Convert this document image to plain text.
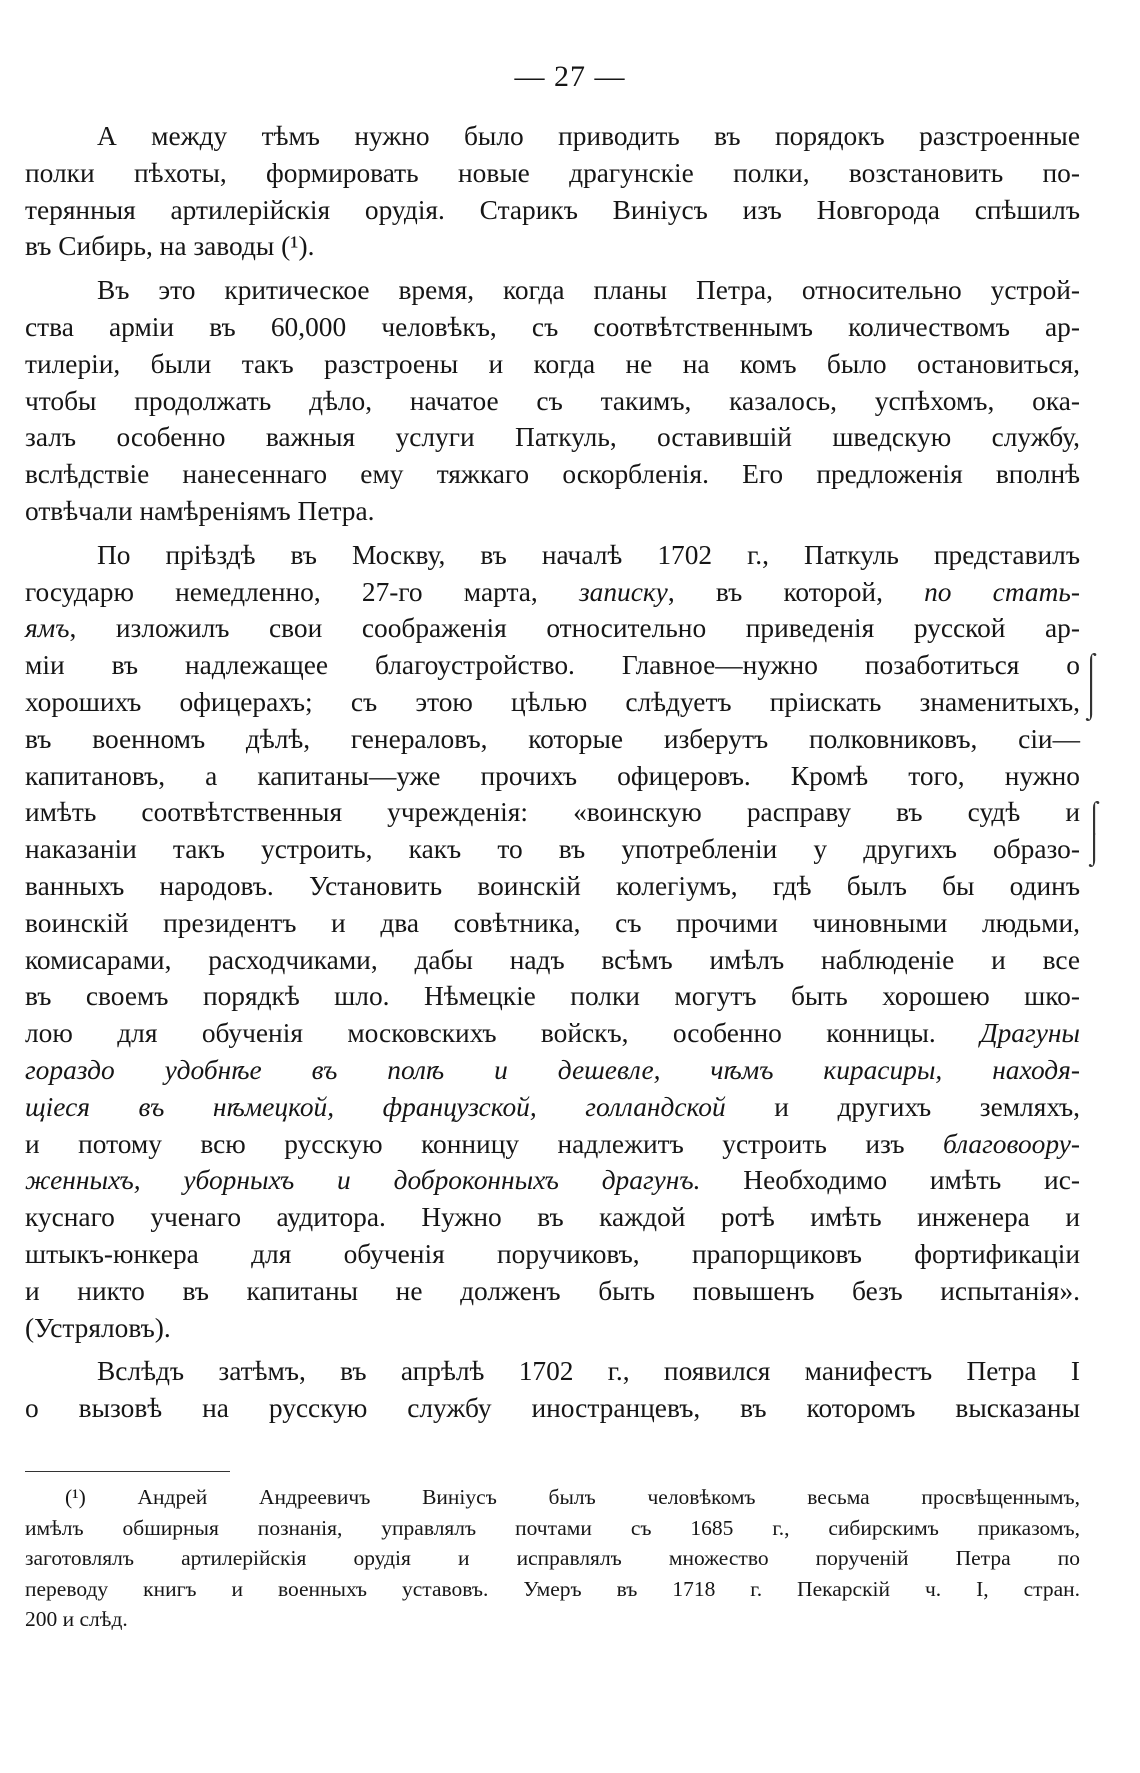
— 27 —
А между тѣмъ нужно было приводить въ порядокъ разстроенные
полки пѣхоты, формировать новые драгунскіе полки, возстановить по-
терянныя артилерійскія орудія. Старикъ Виніусъ изъ Новгорода спѣшилъ
въ Сибирь, на заводы (¹).
Въ это критическое время, когда планы Петра, относительно устрой-
ства арміи въ 60,000 человѣкъ, съ соотвѣтственнымъ количествомъ ар-
тилеріи, были такъ разстроены и когда не на комъ было остановиться,
чтобы продолжать дѣло, начатое съ такимъ, казалось, успѣхомъ, ока-
залъ особенно важныя услуги Паткуль, оставившій шведскую службу,
вслѣдствіе нанесеннаго ему тяжкаго оскорбленія. Его предложенія вполнѣ
отвѣчали намѣреніямъ Петра.
По пріѣздѣ въ Москву, въ началѣ 1702 г., Паткуль представилъ
государю немедленно, 27-го марта, записку, въ которой, по стать-
ямъ, изложилъ свои соображенія относительно приведенія русской ар-
міи въ надлежащее благоустройство. Главное—нужно позаботиться о
хорошихъ офицерахъ; съ этою цѣлью слѣдуетъ пріискать знаменитыхъ,
въ военномъ дѣлѣ, генераловъ, которые изберутъ полковниковъ, сіи—
капитановъ, а капитаны—уже прочихъ офицеровъ. Кромѣ того, нужно
имѣть соотвѣтственныя учрежденія: «воинскую расправу въ судѣ и
наказаніи такъ устроить, какъ то въ употребленіи у другихъ образо-
ванныхъ народовъ. Установить воинскій колегіумъ, гдѣ былъ бы одинъ
воинскій президентъ и два совѣтника, съ прочими чиновными людьми,
комисарами, расходчиками, дабы надъ всѣмъ имѣлъ наблюденіе и все
въ своемъ порядкѣ шло. Нѣмецкіе полки могутъ быть хорошею шко-
лою для обученія московскихъ войскъ, особенно конницы. Драгуны
гораздо удобнѣе въ полѣ и дешевле, чѣмъ кирасиры, находя-
щіеся въ нѣмецкой, французской, голландской и другихъ земляхъ,
и потому всю русскую конницу надлежитъ устроить изъ благовоору-
женныхъ, уборныхъ и доброконныхъ драгунъ. Необходимо имѣть ис-
куснаго ученаго аудитора. Нужно въ каждой ротѣ имѣть инженера и
штыкъ-юнкера для обученія поручиковъ, прапорщиковъ фортификаціи
и никто въ капитаны не долженъ быть повышенъ безъ испытанія».
(Устряловъ).
Вслѣдъ затѣмъ, въ апрѣлѣ 1702 г., появился манифестъ Петра I
о вызовѣ на русскую службу иностранцевъ, въ которомъ высказаны
(¹) Андрей Андреевичъ Виніусъ былъ человѣкомъ весьма просвѣщеннымъ,
имѣлъ обширныя познанія, управлялъ почтами съ 1685 г., сибирскимъ приказомъ,
заготовлялъ артилерійскія орудія и исправлялъ множество порученій Петра по
переводу книгъ и военныхъ уставовъ. Умеръ въ 1718 г. Пекарскій ч. I, стран.
200 и слѣд.
⌠
⌡
⌠
⌡
